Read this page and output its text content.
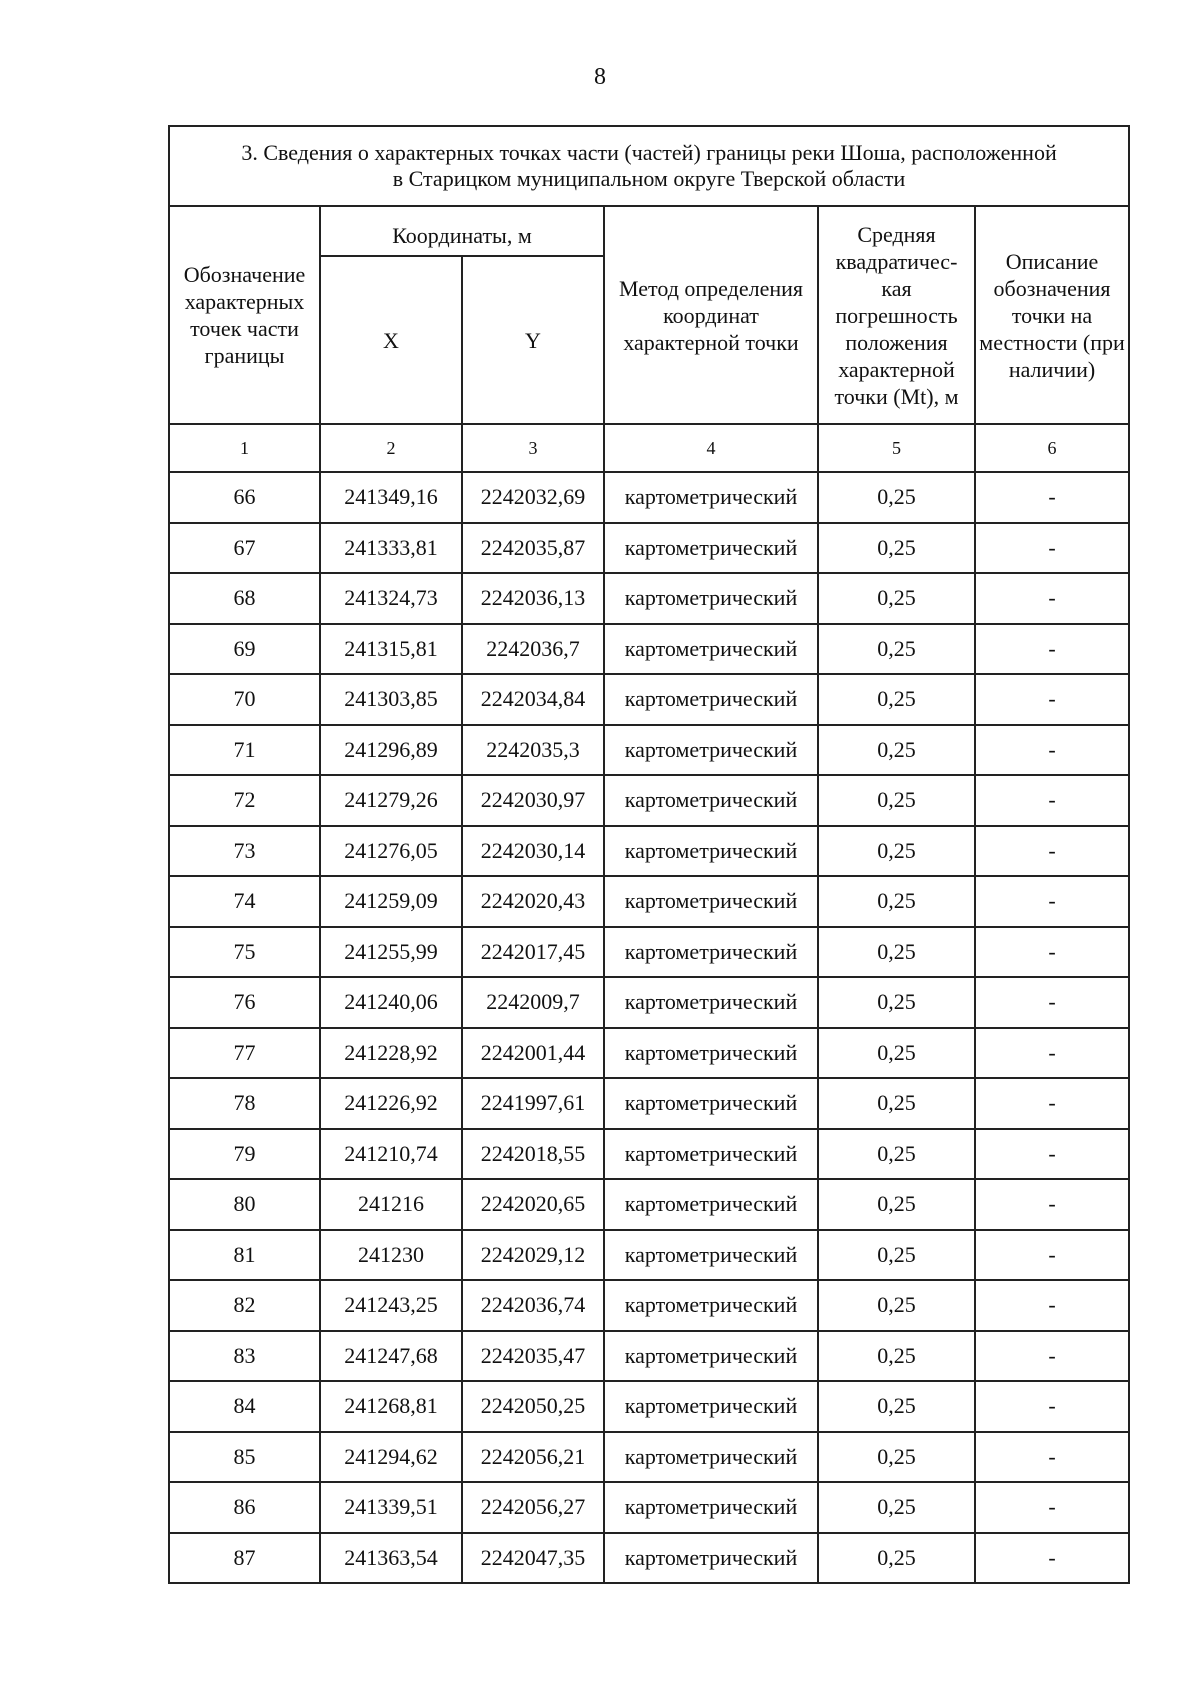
8
3. Сведения о характерных точках части (частей) границы реки Шоша, расположенной
в Старицком муниципальном округе Тверской области					

Обозначение характерных точек части границы	Координаты, м		Метод определения координат характерной точки	Средняя квадратичес-кая погрешность положения характерной точки (Mt), м	Описание обозначения точки на местности (при наличии)
	X	Y			
1	2	3	4	5	6
66	241349,16	2242032,69	картометрический	0,25	-
67	241333,81	2242035,87	картометрический	0,25	-
68	241324,73	2242036,13	картометрический	0,25	-
69	241315,81	2242036,7	картометрический	0,25	-
70	241303,85	2242034,84	картометрический	0,25	-
71	241296,89	2242035,3	картометрический	0,25	-
72	241279,26	2242030,97	картометрический	0,25	-
73	241276,05	2242030,14	картометрический	0,25	-
74	241259,09	2242020,43	картометрический	0,25	-
75	241255,99	2242017,45	картометрический	0,25	-
76	241240,06	2242009,7	картометрический	0,25	-
77	241228,92	2242001,44	картометрический	0,25	-
78	241226,92	2241997,61	картометрический	0,25	-
79	241210,74	2242018,55	картометрический	0,25	-
80	241216	2242020,65	картометрический	0,25	-
81	241230	2242029,12	картометрический	0,25	-
82	241243,25	2242036,74	картометрический	0,25	-
83	241247,68	2242035,47	картометрический	0,25	-
84	241268,81	2242050,25	картометрический	0,25	-
85	241294,62	2242056,21	картометрический	0,25	-
86	241339,51	2242056,27	картометрический	0,25	-
87	241363,54	2242047,35	картометрический	0,25	-
